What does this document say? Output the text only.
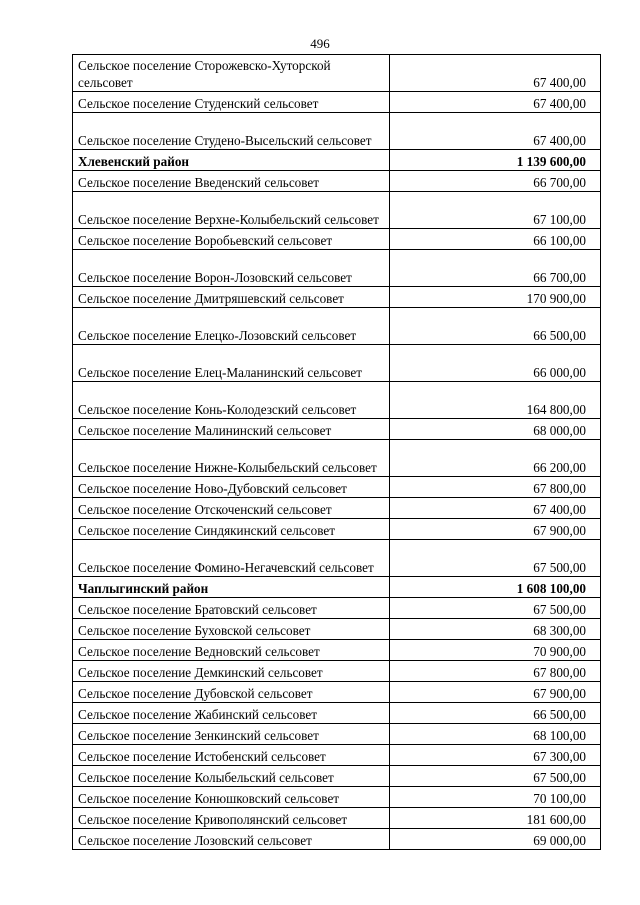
496
Сельское поселение Сторожевско-Хуторской сельсовет	67 400,00
Сельское поселение Студенский сельсовет	67 400,00
Сельское поселение Студено-Высельский сельсовет	67 400,00
Хлевенский район	1 139 600,00
Сельское поселение Введенский сельсовет	66 700,00
Сельское поселение Верхне-Колыбельский сельсовет	67 100,00
Сельское поселение Воробьевский сельсовет	66 100,00
Сельское поселение Ворон-Лозовский сельсовет	66 700,00
Сельское поселение Дмитряшевский сельсовет	170 900,00
Сельское поселение Елецко-Лозовский сельсовет	66 500,00
Сельское поселение Елец-Маланинский сельсовет	66 000,00
Сельское поселение Конь-Колодезский сельсовет	164 800,00
Сельское поселение Малининский сельсовет	68 000,00
Сельское поселение Нижне-Колыбельский сельсовет	66 200,00
Сельское поселение Ново-Дубовский сельсовет	67 800,00
Сельское поселение Отскоченский сельсовет	67 400,00
Сельское поселение Синдякинский сельсовет	67 900,00
Сельское поселение Фомино-Негачевский сельсовет	67 500,00
Чаплыгинский район	1 608 100,00
Сельское поселение Братовский сельсовет	67 500,00
Сельское поселение Буховской сельсовет	68 300,00
Сельское поселение Ведновский сельсовет	70 900,00
Сельское поселение Демкинский сельсовет	67 800,00
Сельское поселение Дубовской сельсовет	67 900,00
Сельское поселение Жабинский сельсовет	66 500,00
Сельское поселение Зенкинский сельсовет	68 100,00
Сельское поселение Истобенский сельсовет	67 300,00
Сельское поселение Колыбельский сельсовет	67 500,00
Сельское поселение Конюшковский сельсовет	70 100,00
Сельское поселение Кривополянский сельсовет	181 600,00
Сельское поселение Лозовский сельсовет	69 000,00
